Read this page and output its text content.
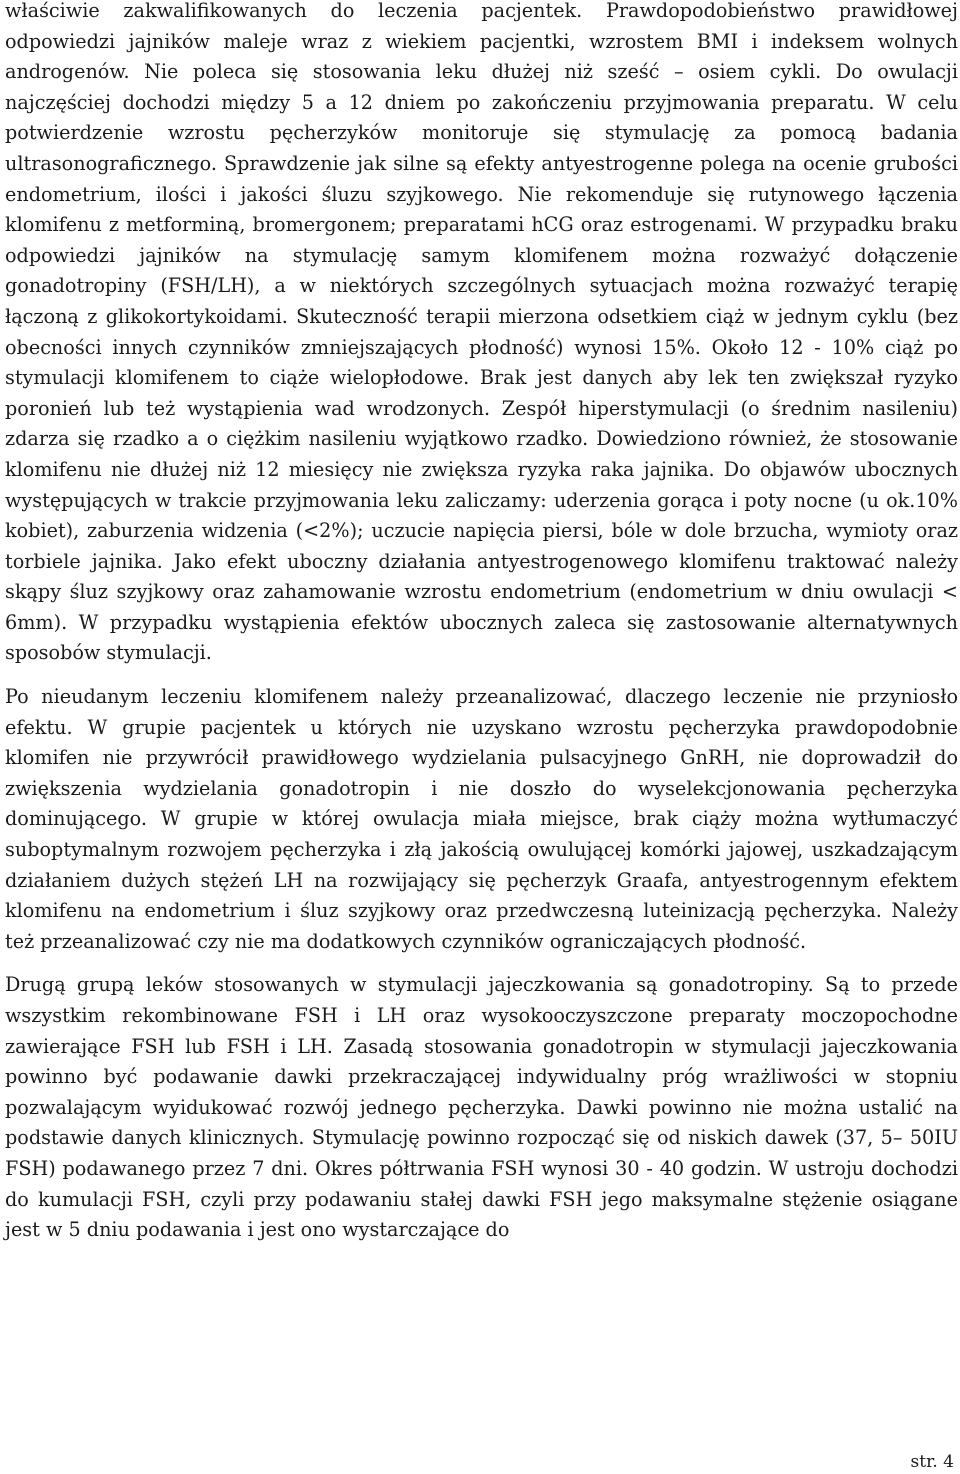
właściwie zakwalifikowanych do leczenia pacjentek. Prawdopodobieństwo prawidłowej odpowiedzi jajników maleje wraz z wiekiem pacjentki, wzrostem BMI i indeksem wolnych androgenów. Nie poleca się stosowania leku dłużej niż sześć – osiem cykli. Do owulacji najczęściej dochodzi między 5 a 12 dniem po zakończeniu przyjmowania preparatu. W celu potwierdzenie wzrostu pęcherzyków monitoruje się stymulację za pomocą badania ultrasonograficznego. Sprawdzenie jak silne są efekty antyestrogenne polega na ocenie grubości endometrium, ilości i jakości śluzu szyjkowego. Nie rekomenduje się rutynowego łączenia klomifenu z metforminą, bromergonem; preparatami hCG oraz estrogenami. W przypadku braku odpowiedzi jajników na stymulację samym klomifenem można rozważyć dołączenie gonadotropiny (FSH/LH), a w niektórych szczególnych sytuacjach można rozważyć terapię łączoną z glikokortykoidami. Skuteczność terapii mierzona odsetkiem ciąż w jednym cyklu (bez obecności innych czynników zmniejszających płodność) wynosi 15%. Około 12 - 10% ciąż po stymulacji klomifenem to ciąże wielopłodowe. Brak jest danych aby lek ten zwiększał ryzyko poronień lub też wystąpienia wad wrodzonych. Zespół hiperstymulacji (o średnim nasileniu) zdarza się rzadko a o ciężkim nasileniu wyjątkowo rzadko. Dowiedziono również, że stosowanie klomifenu nie dłużej niż 12 miesięcy nie zwiększa ryzyka raka jajnika. Do objawów ubocznych występujących w trakcie przyjmowania leku zaliczamy: uderzenia gorąca i poty nocne (u ok.10% kobiet), zaburzenia widzenia (<2%); uczucie napięcia piersi, bóle w dole brzucha, wymioty oraz torbiele jajnika. Jako efekt uboczny działania antyestrogenowego klomifenu traktować należy skąpy śluz szyjkowy oraz zahamowanie wzrostu endometrium (endometrium w dniu owulacji < 6mm). W przypadku wystąpienia efektów ubocznych zaleca się zastosowanie alternatywnych sposobów stymulacji.

Po nieudanym leczeniu klomifenem należy przeanalizować, dlaczego leczenie nie przyniosło efektu. W grupie pacjentek u których nie uzyskano wzrostu pęcherzyka prawdopodobnie klomifen nie przywrócił prawidłowego wydzielania pulsacyjnego GnRH, nie doprowadził do zwiększenia wydzielania gonadotropin i nie doszło do wyselekcjonowania pęcherzyka dominującego. W grupie w której owulacja miała miejsce, brak ciąży można wytłumaczyć suboptymalnym rozwojem pęcherzyka i złą jakością owulującej komórki jajowej, uszkadzającym działaniem dużych stężeń LH na rozwijający się pęcherzyk Graafa, antyestrogennym efektem klomifenu na endometrium i śluz szyjkowy oraz przedwczesną luteinizacją pęcherzyka. Należy też przeanalizować czy nie ma dodatkowych czynników ograniczających płodność.

Drugą grupą leków stosowanych w stymulacji jajeczkowania są gonadotropiny. Są to przede wszystkim rekombinowane FSH i LH oraz wysokooczyszczone preparaty moczopochodne zawierające FSH lub FSH i LH. Zasadą stosowania gonadotropin w stymulacji jajeczkowania powinno być podawanie dawki przekraczającej indywidualny próg wrażliwości w stopniu pozwalającym wyidukować rozwój jednego pęcherzyka. Dawki powinno nie można ustalić na podstawie danych klinicznych. Stymulację powinno rozpocząć się od niskich dawek (37, 5– 50IU FSH) podawanego przez 7 dni. Okres półtrwania FSH wynosi 30 - 40 godzin. W ustroju dochodzi do kumulacji FSH, czyli przy podawaniu stałej dawki FSH jego maksymalne stężenie osiągane jest w 5 dniu podawania i jest ono wystarczające do

str. 4
